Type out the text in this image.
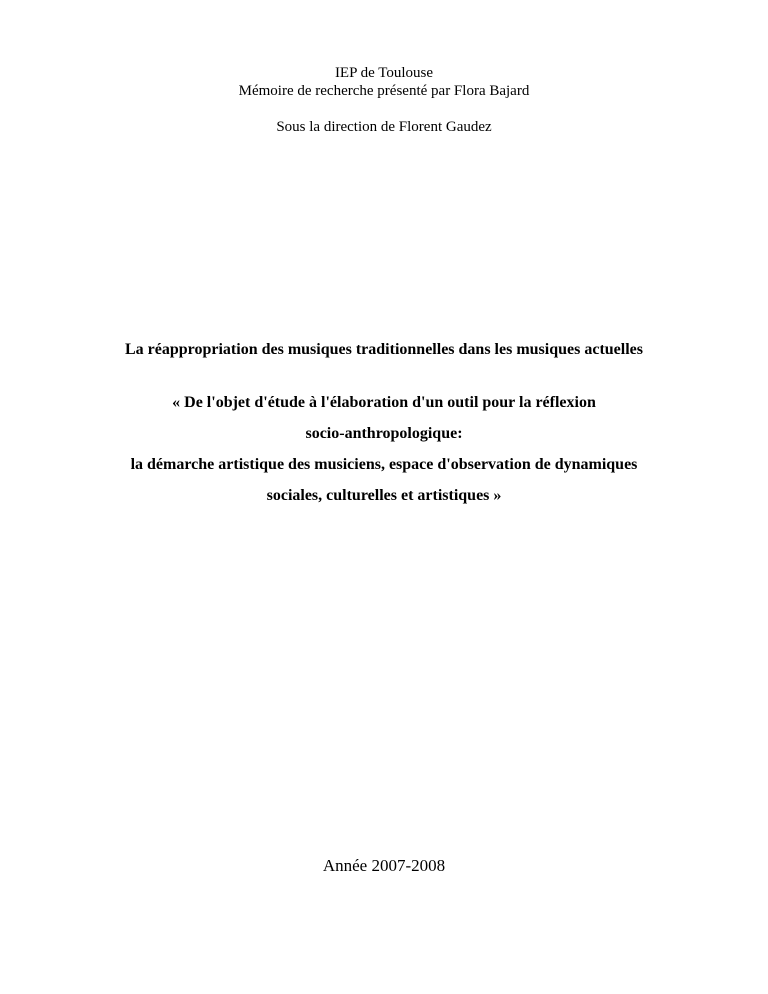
IEP de Toulouse
Mémoire de recherche présenté par Flora Bajard
Sous la direction de Florent Gaudez
La réappropriation des musiques traditionnelles dans les musiques actuelles
« De l'objet d'étude à l'élaboration d'un outil pour la réflexion
socio-anthropologique:
la démarche artistique des musiciens, espace d'observation de dynamiques
sociales, culturelles et artistiques »
Année 2007-2008
